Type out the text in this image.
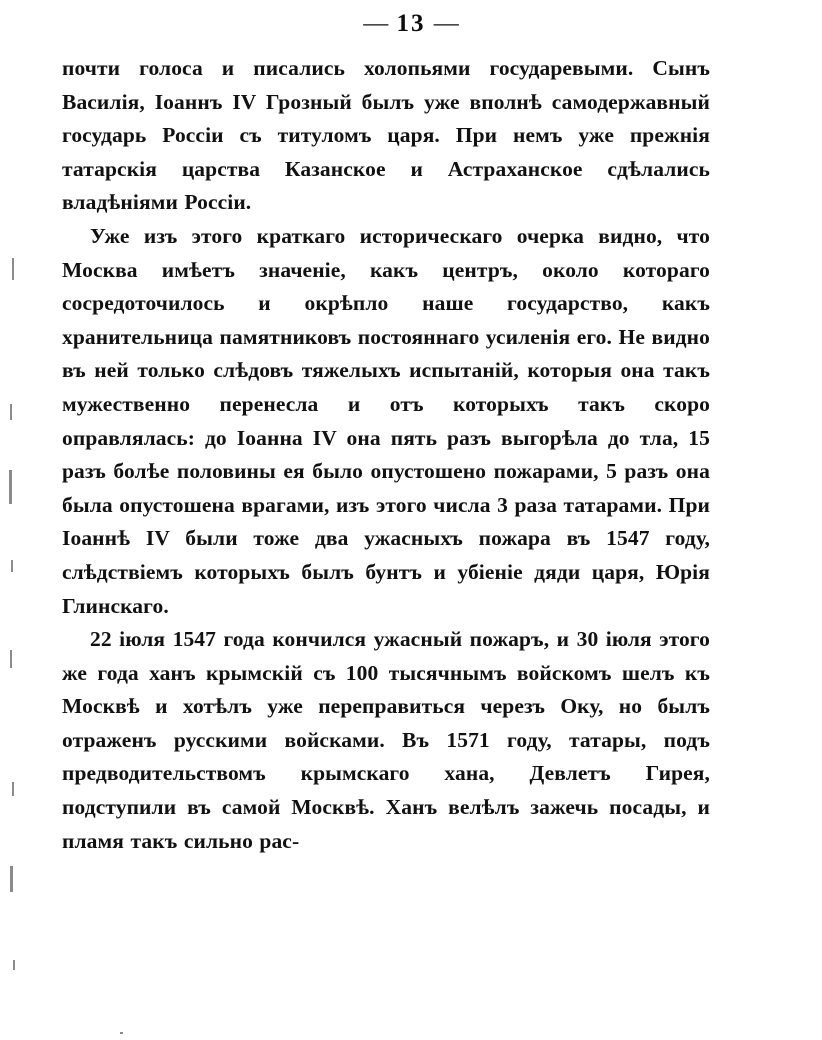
— 13 —

почти голоса и писались холопьями государевыми. Сынъ Василія, Іоаннъ IV Грозный былъ уже вполнѣ самодержавный государь Россіи съ титуломъ царя. При немъ уже прежнія татарскія царства Казанское и Астраханское сдѣлались владѣніями Россіи.

Уже изъ этого краткаго историческаго очерка видно, что Москва имѣетъ значеніе, какъ центръ, около котораго сосредоточилось и окрѣпло наше государство, какъ хранительница памятниковъ постояннаго усиленія его. Не видно въ ней только слѣдовъ тяжелыхъ испытаній, которыя она такъ мужественно перенесла и отъ которыхъ такъ скоро оправлялась: до Іоанна IV она пять разъ выгорѣла до тла, 15 разъ болѣе половины ея было опустошено пожарами, 5 разъ она была опустошена врагами, изъ этого числа 3 раза татарами. При Іоаннѣ IV были тоже два ужасныхъ пожара въ 1547 году, слѣдствіемъ которыхъ былъ бунтъ и убіеніе дяди царя, Юрія Глинскаго.

22 іюля 1547 года кончился ужасный пожаръ, и 30 іюля этого же года ханъ крымскій съ 100 тысячнымъ войскомъ шелъ къ Москвѣ и хотѣлъ уже переправиться черезъ Оку, но былъ отраженъ русскими войсками. Въ 1571 году, татары, подъ предводительствомъ крымскаго хана, Девлетъ Гирея, подступили въ самой Москвѣ. Ханъ велѣлъ зажечь посады, и пламя такъ сильно рас-
